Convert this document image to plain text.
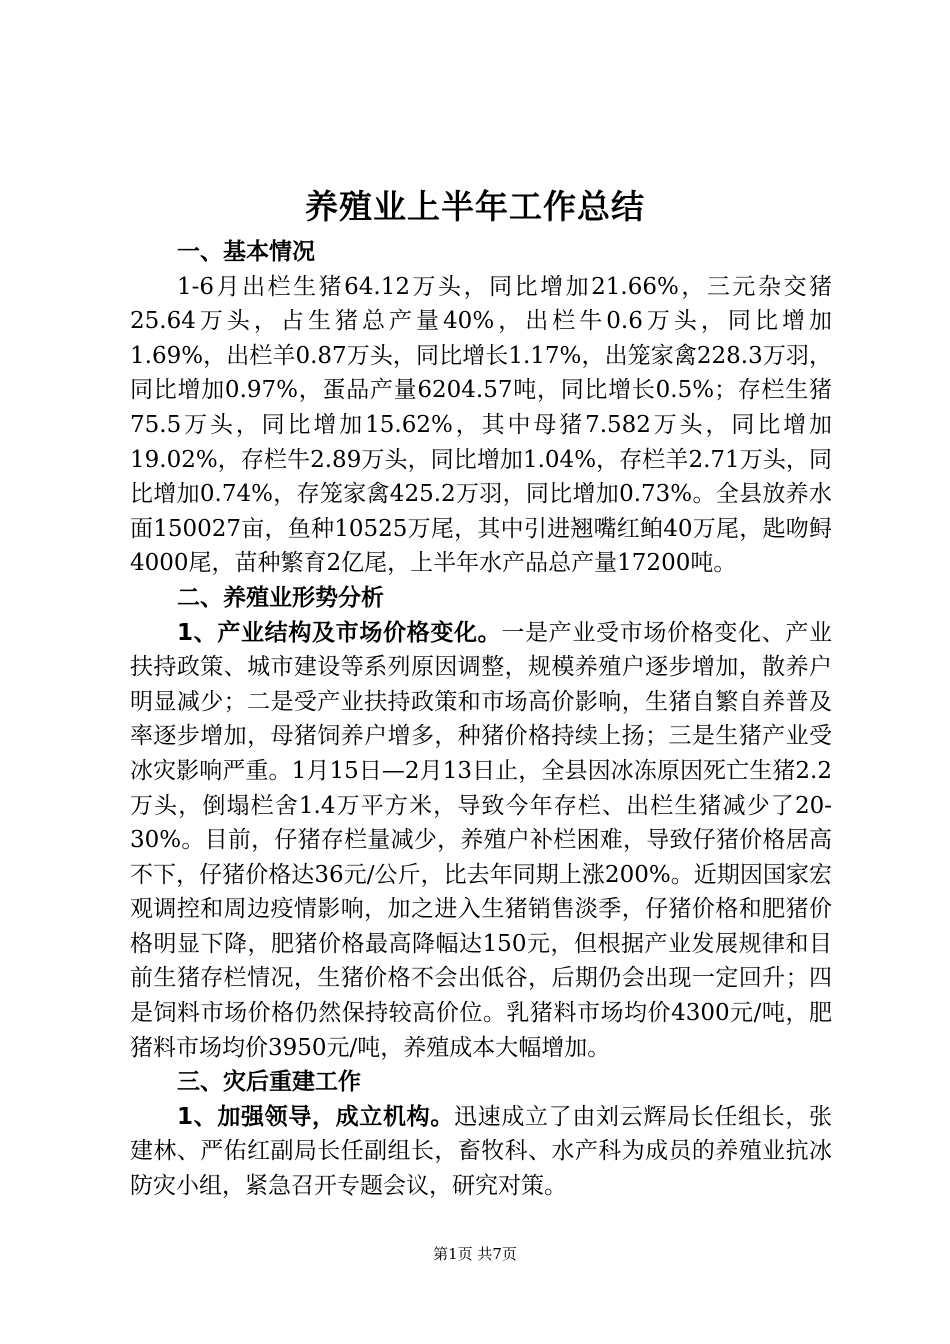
养殖业上半年工作总结

一、基本情况

1-6月出栏生猪64.12万头，同比增加21.66%，三元杂交猪25.64万头，占生猪总产量40%，出栏牛0.6万头，同比增加1.69%，出栏羊0.87万头，同比增长1.17%，出笼家禽228.3万羽，同比增加0.97%，蛋品产量6204.57吨，同比增长0.5%；存栏生猪75.5万头，同比增加15.62%，其中母猪7.582万头，同比增加19.02%，存栏牛2.89万头，同比增加1.04%，存栏羊2.71万头，同比增加0.74%，存笼家禽425.2万羽，同比增加0.73%。全县放养水面150027亩，鱼种10525万尾，其中引进翘嘴红鲌40万尾，匙吻鲟4000尾，苗种繁育2亿尾，上半年水产品总产量17200吨。

二、养殖业形势分析

1、产业结构及市场价格变化。一是产业受市场价格变化、产业扶持政策、城市建设等系列原因调整，规模养殖户逐步增加，散养户明显减少；二是受产业扶持政策和市场高价影响，生猪自繁自养普及率逐步增加，母猪饲养户增多，种猪价格持续上扬；三是生猪产业受冰灾影响严重。1月15日—2月13日止，全县因冰冻原因死亡生猪2.2万头，倒塌栏舍1.4万平方米，导致今年存栏、出栏生猪减少了20-30%。目前，仔猪存栏量减少，养殖户补栏困难，导致仔猪价格居高不下，仔猪价格达36元/公斤，比去年同期上涨200%。近期因国家宏观调控和周边疫情影响，加之进入生猪销售淡季，仔猪价格和肥猪价格明显下降，肥猪价格最高降幅达150元，但根据产业发展规律和目前生猪存栏情况，生猪价格不会出低谷，后期仍会出现一定回升；四是饲料市场价格仍然保持较高价位。乳猪料市场均价4300元/吨，肥猪料市场均价3950元/吨，养殖成本大幅增加。

三、灾后重建工作

1、加强领导，成立机构。迅速成立了由刘云辉局长任组长，张建林、严佑红副局长任副组长，畜牧科、水产科为成员的养殖业抗冰防灾小组，紧急召开专题会议，研究对策。

第1页 共7页
